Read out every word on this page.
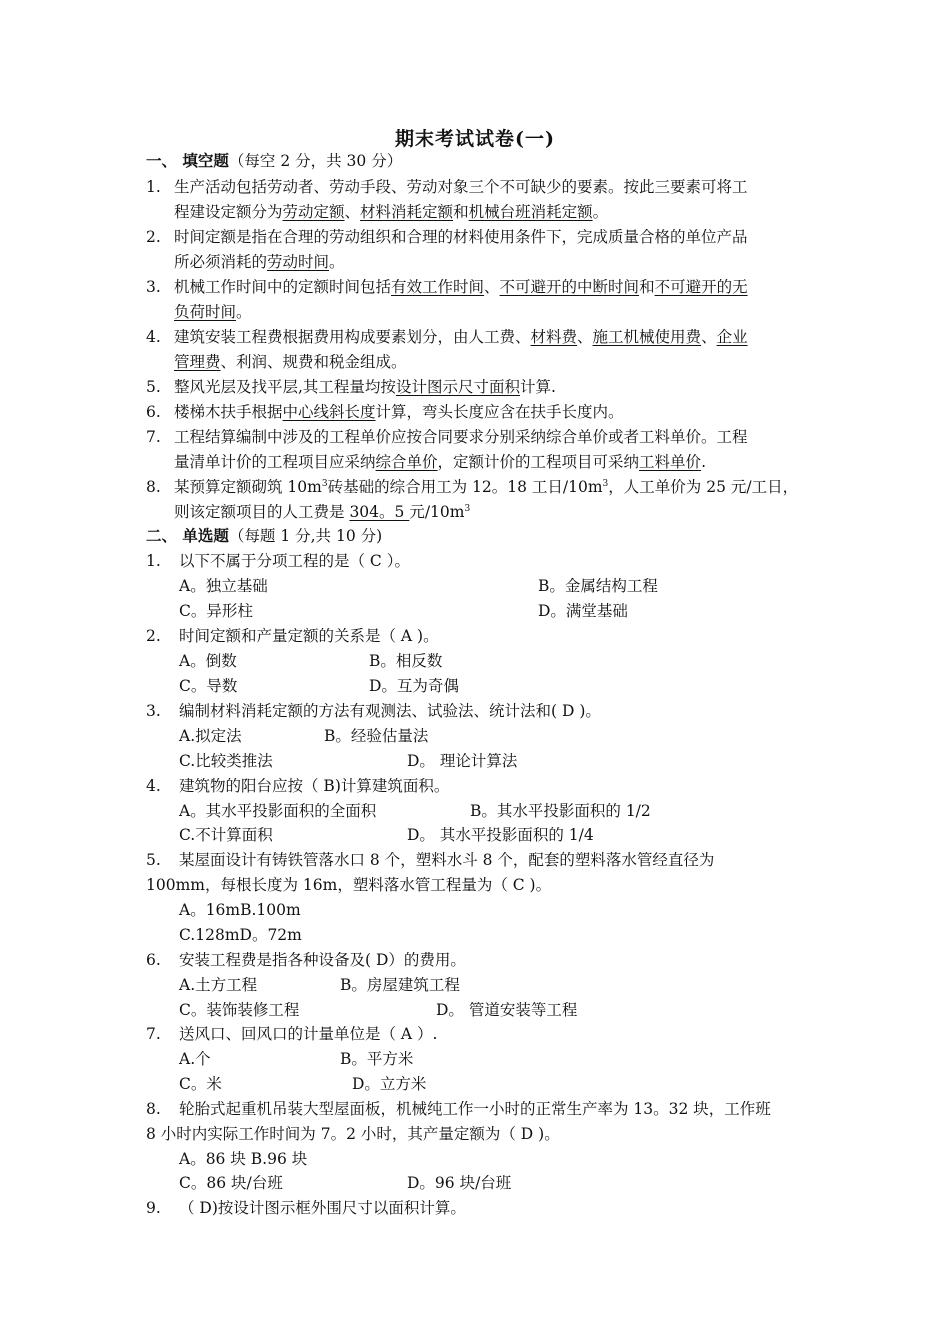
期末考试试卷(一)
一、 填空题（每空 2 分，共 30 分）
1. 生产活动包括劳动者、劳动手段、劳动对象三个不可缺少的要素。按此三要素可将工
程建设定额分为劳动定额、材料消耗定额和机械台班消耗定额。
2. 时间定额是指在合理的劳动组织和合理的材料使用条件下，完成质量合格的单位产品
所必须消耗的劳动时间。
3. 机械工作时间中的定额时间包括有效工作时间、不可避开的中断时间和不可避开的无
负荷时间。
4. 建筑安装工程费根据费用构成要素划分，由人工费、材料费、施工机械使用费、企业
管理费、利润、规费和税金组成。
5. 整风光层及找平层,其工程量均按设计图示尺寸面积计算.
6. 楼梯木扶手根据中心线斜长度计算，弯头长度应含在扶手长度内。
7. 工程结算编制中涉及的工程单价应按合同要求分别采纳综合单价或者工料单价。工程
量清单计价的工程项目应采纳综合单价，定额计价的工程项目可采纳工料单价.
8. 某预算定额砌筑 $10m^3$砖基础的综合用工为 12。18 工日$/10m^3$，人工单价为 25 元/工日，
则该定额项目的人工费是 304。5 元$/10m^3$
二、 单选题（每题 1 分,共 10 分)
1. 以下不属于分项工程的是（ C ）。
A。独立基础	B。金属结构工程
C。异形柱	D。满堂基础
2. 时间定额和产量定额的关系是（ A )。
A。倒数	B。相反数
C。导数	D。互为奇偶
3. 编制材料消耗定额的方法有观测法、试验法、统计法和( D )。
A.拟定法	B。经验估量法
C.比较类推法	D。 理论计算法
4. 建筑物的阳台应按（ B)计算建筑面积。
A。其水平投影面积的全面积	B。其水平投影面积的 1/2
C.不计算面积	D。 其水平投影面积的 1/4
5. 某屋面设计有铸铁管落水口 8 个，塑料水斗 8 个，配套的塑料落水管经直径为
100mm，每根长度为 16m，塑料落水管工程量为（ C )。
A。16mB.100m
C.128mD。72m
6. 安装工程费是指各种设备及( D）的费用。
A.土方工程	B。房屋建筑工程
C。装饰装修工程	D。 管道安装等工程
7. 送风口、回风口的计量单位是（ A ）.
A.个	B。平方米
C。米	D。立方米
8. 轮胎式起重机吊装大型屋面板，机械纯工作一小时的正常生产率为 13。32 块，工作班
8 小时内实际工作时间为 7。2 小时，其产量定额为（ D )。
A。86 块 B.96 块
C。86 块/台班	D。96 块/台班
9. （ D)按设计图示框外围尺寸以面积计算。
